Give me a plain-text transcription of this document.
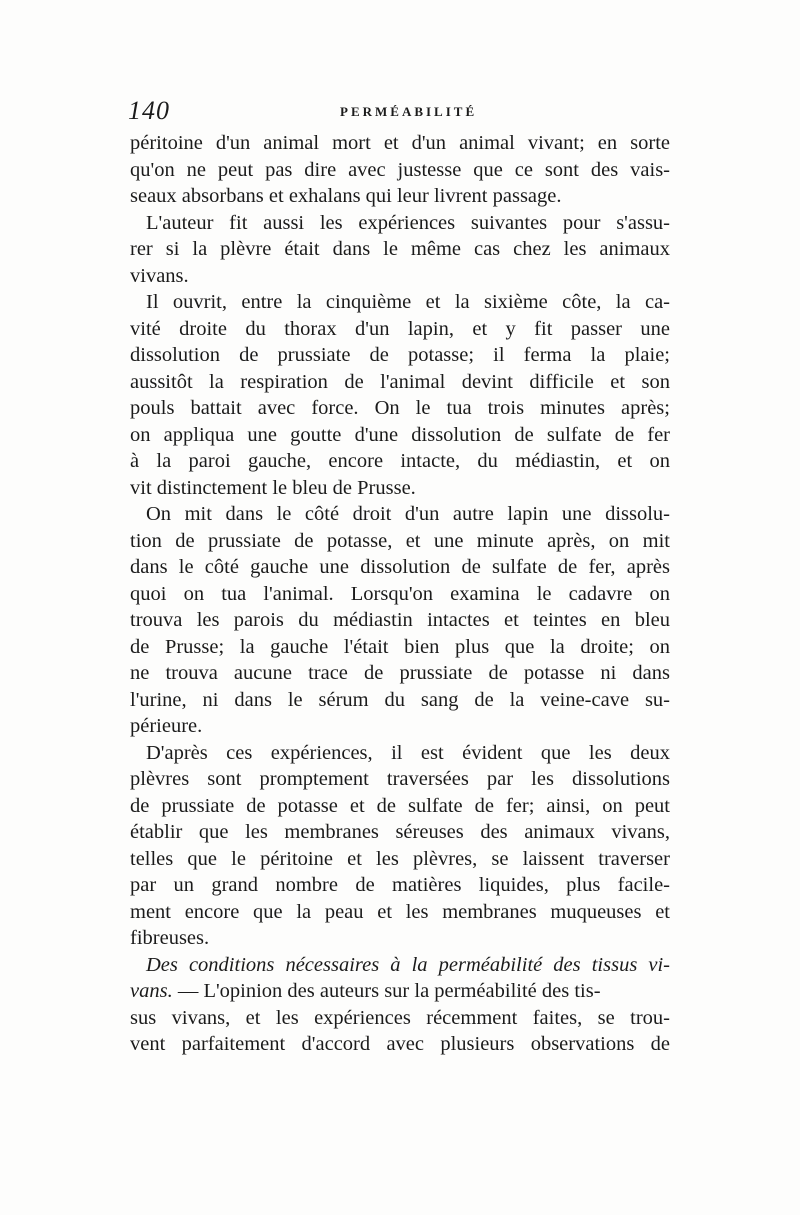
140	PERMÉABILITÉ
péritoine d'un animal mort et d'un animal vivant; en sorte
qu'on ne peut pas dire avec justesse que ce sont des vais-
seaux absorbans et exhalans qui leur livrent passage.
L'auteur fit aussi les expériences suivantes pour s'assu-
rer si la plèvre était dans le même cas chez les animaux
vivans.
Il ouvrit, entre la cinquième et la sixième côte, la ca-
vité droite du thorax d'un lapin, et y fit passer une
dissolution de prussiate de potasse; il ferma la plaie;
aussitôt la respiration de l'animal devint difficile et son
pouls battait avec force. On le tua trois minutes après;
on appliqua une goutte d'une dissolution de sulfate de fer
à la paroi gauche, encore intacte, du médiastin, et on
vit distinctement le bleu de Prusse.
On mit dans le côté droit d'un autre lapin une dissolu-
tion de prussiate de potasse, et une minute après, on mit
dans le côté gauche une dissolution de sulfate de fer, après
quoi on tua l'animal. Lorsqu'on examina le cadavre on
trouva les parois du médiastin intactes et teintes en bleu
de Prusse; la gauche l'était bien plus que la droite; on
ne trouva aucune trace de prussiate de potasse ni dans
l'urine, ni dans le sérum du sang de la veine-cave su-
périeure.
D'après ces expériences, il est évident que les deux
plèvres sont promptement traversées par les dissolutions
de prussiate de potasse et de sulfate de fer; ainsi, on peut
établir que les membranes séreuses des animaux vivans,
telles que le péritoine et les plèvres, se laissent traverser
par un grand nombre de matières liquides, plus facile-
ment encore que la peau et les membranes muqueuses et
fibreuses.
Des conditions nécessaires à la perméabilité des tissus vi-
vans. — L'opinion des auteurs sur la perméabilité des tis-
sus vivans, et les expériences récemment faites, se trou-
vent parfaitement d'accord avec plusieurs observations de
